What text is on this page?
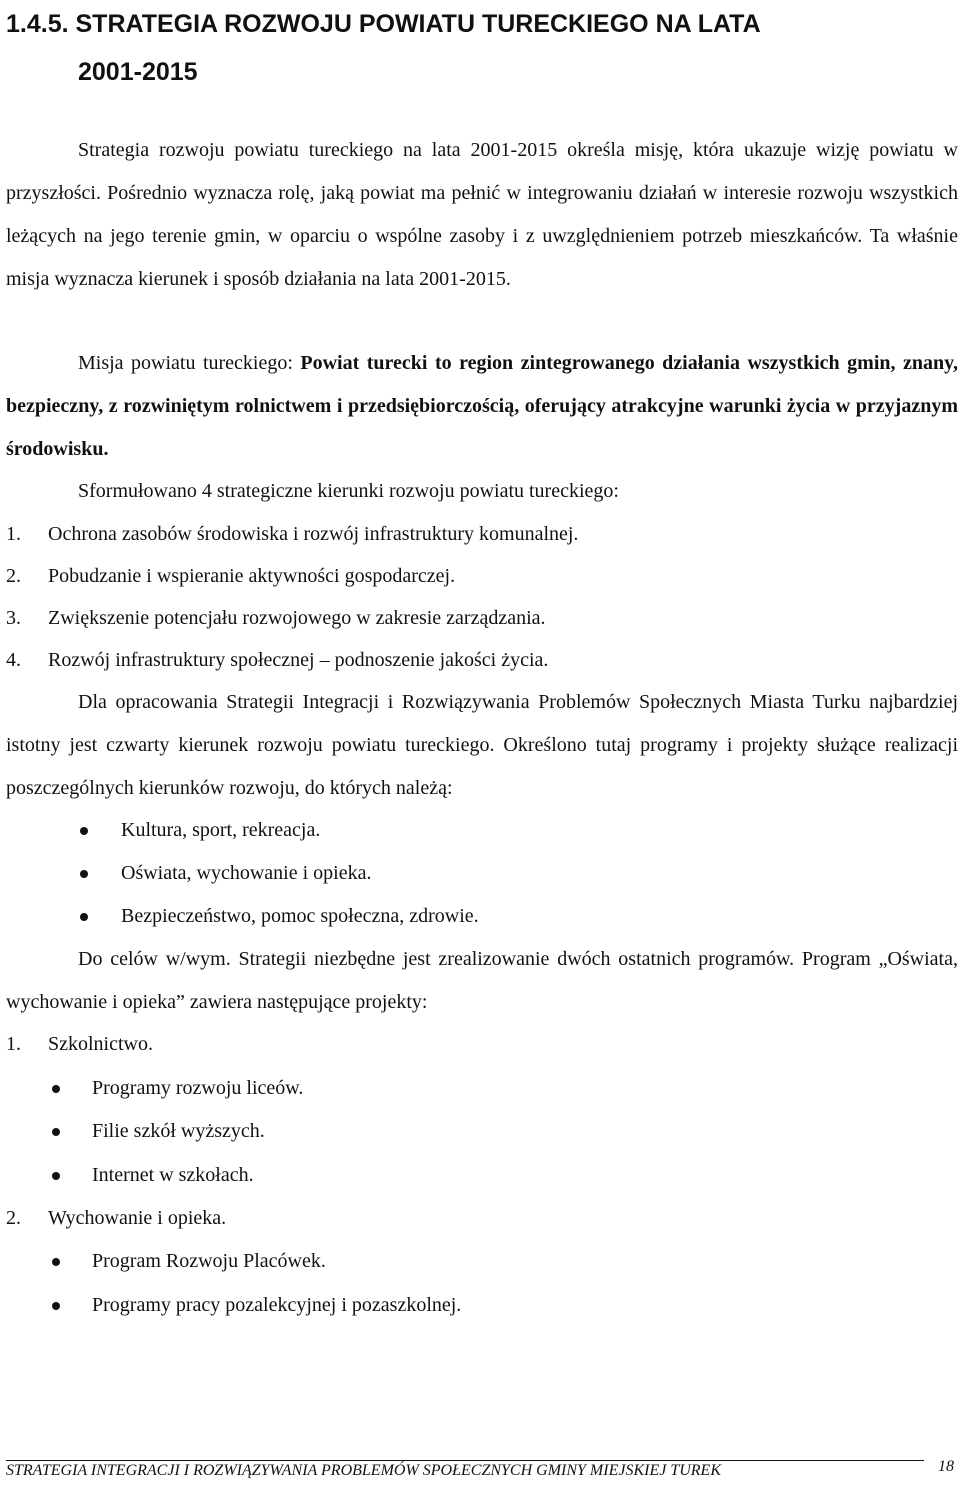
1.4.5. STRATEGIA ROZWOJU POWIATU TURECKIEGO NA LATA
2001-2015
Strategia rozwoju powiatu tureckiego na lata 2001-2015 określa misję, która ukazuje wizję powiatu w przyszłości. Pośrednio wyznacza rolę, jaką powiat ma pełnić w integrowaniu działań w interesie rozwoju wszystkich leżących na jego terenie gmin, w oparciu o wspólne zasoby i z uwzględnieniem potrzeb mieszkańców. Ta właśnie misja wyznacza kierunek i sposób działania na lata 2001-2015.
Misja powiatu tureckiego: Powiat turecki to region zintegrowanego działania wszystkich gmin, znany, bezpieczny, z rozwiniętym rolnictwem i przedsiębiorczością, oferujący atrakcyjne warunki życia w przyjaznym środowisku.
Sformułowano 4 strategiczne kierunki rozwoju powiatu tureckiego:
1. Ochrona zasobów środowiska i rozwój infrastruktury komunalnej.
2. Pobudzanie i wspieranie aktywności gospodarczej.
3. Zwiększenie potencjału rozwojowego w zakresie zarządzania.
4. Rozwój infrastruktury społecznej – podnoszenie jakości życia.
Dla opracowania Strategii Integracji i Rozwiązywania Problemów Społecznych Miasta Turku najbardziej istotny jest czwarty kierunek rozwoju powiatu tureckiego. Określono tutaj programy i projekty służące realizacji poszczególnych kierunków rozwoju, do których należą:
Kultura, sport, rekreacja.
Oświata, wychowanie i opieka.
Bezpieczeństwo, pomoc społeczna, zdrowie.
Do celów w/wym. Strategii niezbędne jest zrealizowanie dwóch ostatnich programów. Program „Oświata, wychowanie i opieka” zawiera następujące projekty:
1. Szkolnictwo.
Programy rozwoju liceów.
Filie szkół wyższych.
Internet w szkołach.
2. Wychowanie i opieka.
Program Rozwoju Placówek.
Programy pracy pozalekcyjnej i pozaszkolnej.
STRATEGIA INTEGRACJI I ROZWIĄZYWANIA PROBLEMÓW SPOŁECZNYCH GMINY MIEJSKIEJ TUREK	18
